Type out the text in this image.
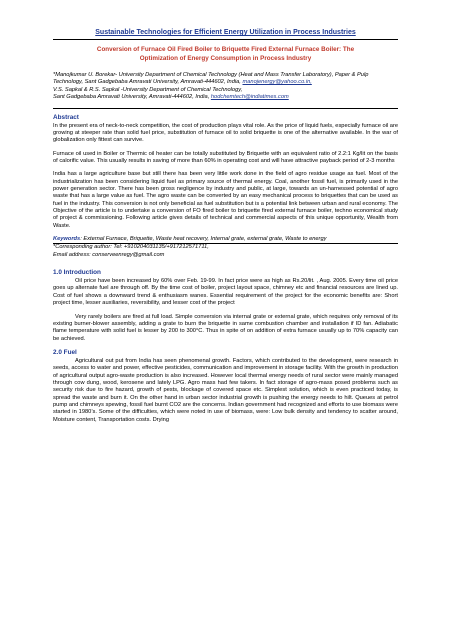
Sustainable Technologies for Efficient Energy Utilization in Process Industries
Conversion of Furnace Oil Fired Boiler to Briquette Fired External Furnace Boiler: The
Optimization of Energy Consumption in Process Industry
*Manojkumar U. Borekar- University Department of Chemical Technology (Heat and Mass Transfer Laboratory), Paper & Pulp Technology, Sant Gadgebaba Amravati University, Amravati-444602, India, manojenergy@yahoo.co.in,
V.S. Sapkal & R.S. Sapkal -University Department of Chemical Technology,
Sant Gadgebaba Amravati University, Amravati-444602, India, hodchemtech@indiatimes.com
Abstract

In the present era of neck-to-neck competition, the cost of production plays vital role. As the price of liquid fuels, especially furnace oil are growing at steeper rate than solid fuel price, substitution of furnace oil to solid briquette is one of the alternative available. In the war of globalization only fittest can survive.

Furnace oil used in Boiler or Thermic oil heater can be totally substituted by Briquette with an equivalent ratio of 2.2:1 Kg/lit on the basis of calorific value. This usually results in saving of more than 60% in operating cost and will have attractive payback period of 2-3 months

India has a large agriculture base but still there has been very little work done in the field of agro residue usage as fuel. Most of the industrialization has been considering liquid fuel as primary source of thermal energy. Coal, another fossil fuel, is primarily used in the power generation sector. There has been gross negligence by industry and public, at large, towards an un-harnessed potential of agro waste that has a large value as fuel. The agro waste can be converted by an easy mechanical process to briquettes that can be used as fuel in the industry. This conversion is not only beneficial as fuel substitution but is a potential link between urban and rural economy. The Objective of the article is to undertake a conversion of FO fired boiler to briquette fired external furnace boiler, techno economical study of project & commissioning. Following article gives details of technical and commercial aspects of this unique opportunity, Wealth from Waste.

Keywords: External Furnace, Briquette, Waste heat recovery, Internal grate, external grate, Waste to energy

*Corresponding author: Tel: +910204031135/+917212571711,

Email address: conserveenregy@gmail.com

1.0 Introduction

Oil price have been increased by 60% over Feb. 19-99. In fact price were as high as Rs.20/lit. , Aug. 2005. Every time oil price goes up alternate fuel are through off. By the time cost of boiler, project layout space, chimney etc and financial resources are lined up. Cost of fuel shows a downward trend & enthusiasm wanes. Essential requirement of the project for the economic benefits are: Short project time, lesser auxiliaries, reversibility, and lesser cost of the project

Very rarely boilers are fired at full load. Simple conversion via internal grate or external grate, which requires only removal of its existing burner-blower assembly, adding a grate to burn the briquette in same combustion chamber and installation if ID fan. Adiabatic flame temperature with solid fuel is lesser by 200 to 300°C. Thus in spite of on addition of extra furnace usually up to 70% capacity can be achieved.

2.0 Fuel

Agricultural out put from India has seen phenomenal growth. Factors, which contributed to the development, were research in seeds, access to water and power, effective pesticides, communication and improvement in storage facility. With the growth in production of agricultural output agro-waste production is also increased. However local thermal energy needs of rural sector were mainly managed through cow dung, wood, kerosene and lately LPG. Agro mass had few takers. In fact storage of agro-mass posed problems such as security risk due to fire hazard, growth of pests, blockage of covered space etc. Simplest solution, which is even practiced today, is spread the waste and burn it. On the other hand in urban sector industrial growth is pushing the energy needs to hilt. Queues at petrol pump and chimneys spewing, fossil fuel burnt CO2 are the concerns. Indian government had recognized and efforts to use biomass were started in 1980’s. Some of the difficulties, which were noted in use of biomass, were: Low bulk density and tendency to scatter around, Moisture content, Transportation costs. Drying
